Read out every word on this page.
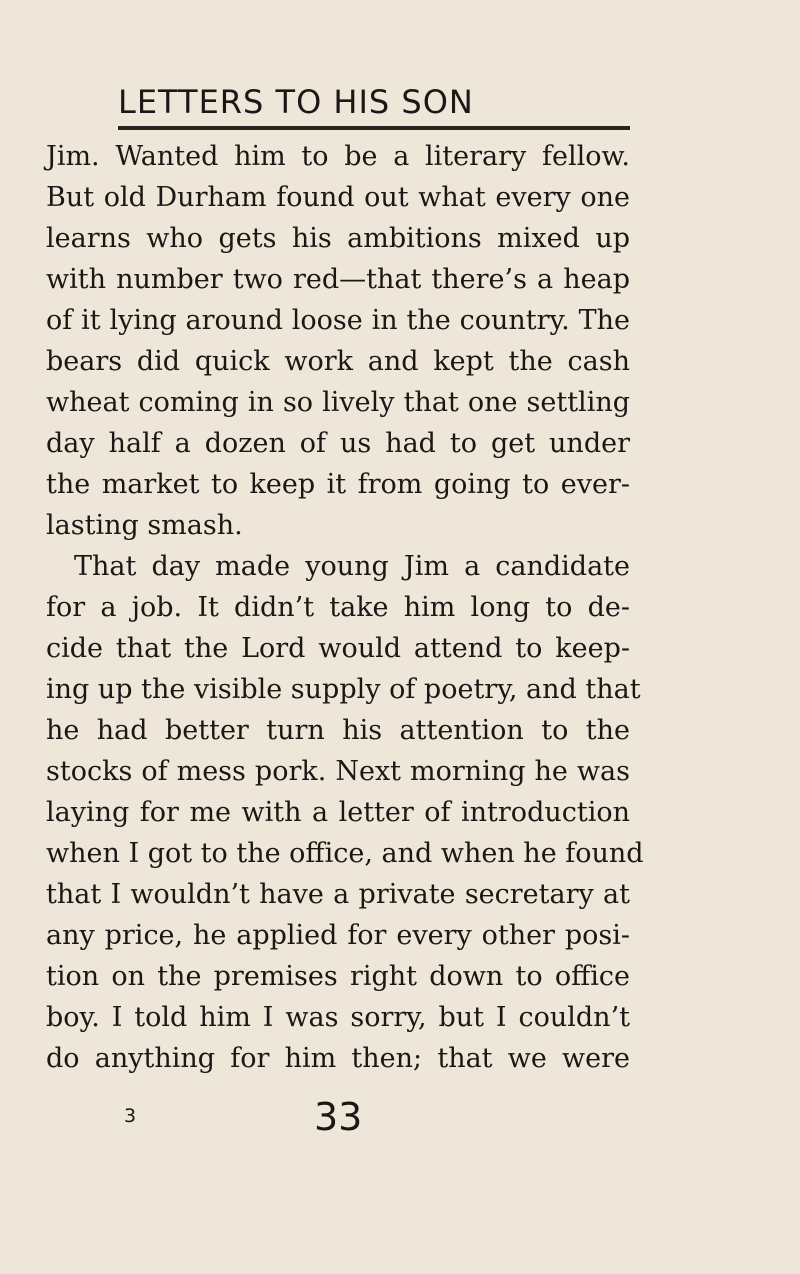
LETTERS TO HIS SON
Jim. Wanted him to be a literary fellow.
But old Durham found out what every one
learns who gets his ambitions mixed up
with number two red—that there’s a heap
of it lying around loose in the country. The
bears did quick work and kept the cash
wheat coming in so lively that one settling
day half a dozen of us had to get under
the market to keep it from going to ever-
lasting smash.
That day made young Jim a candidate
for a job. It didn’t take him long to de-
cide that the Lord would attend to keep-
ing up the visible supply of poetry, and that
he had better turn his attention to the
stocks of mess pork. Next morning he was
laying for me with a letter of introduction
when I got to the office, and when he found
that I wouldn’t have a private secretary at
any price, he applied for every other posi-
tion on the premises right down to office
boy. I told him I was sorry, but I couldn’t
do anything for him then; that we were
3	33
